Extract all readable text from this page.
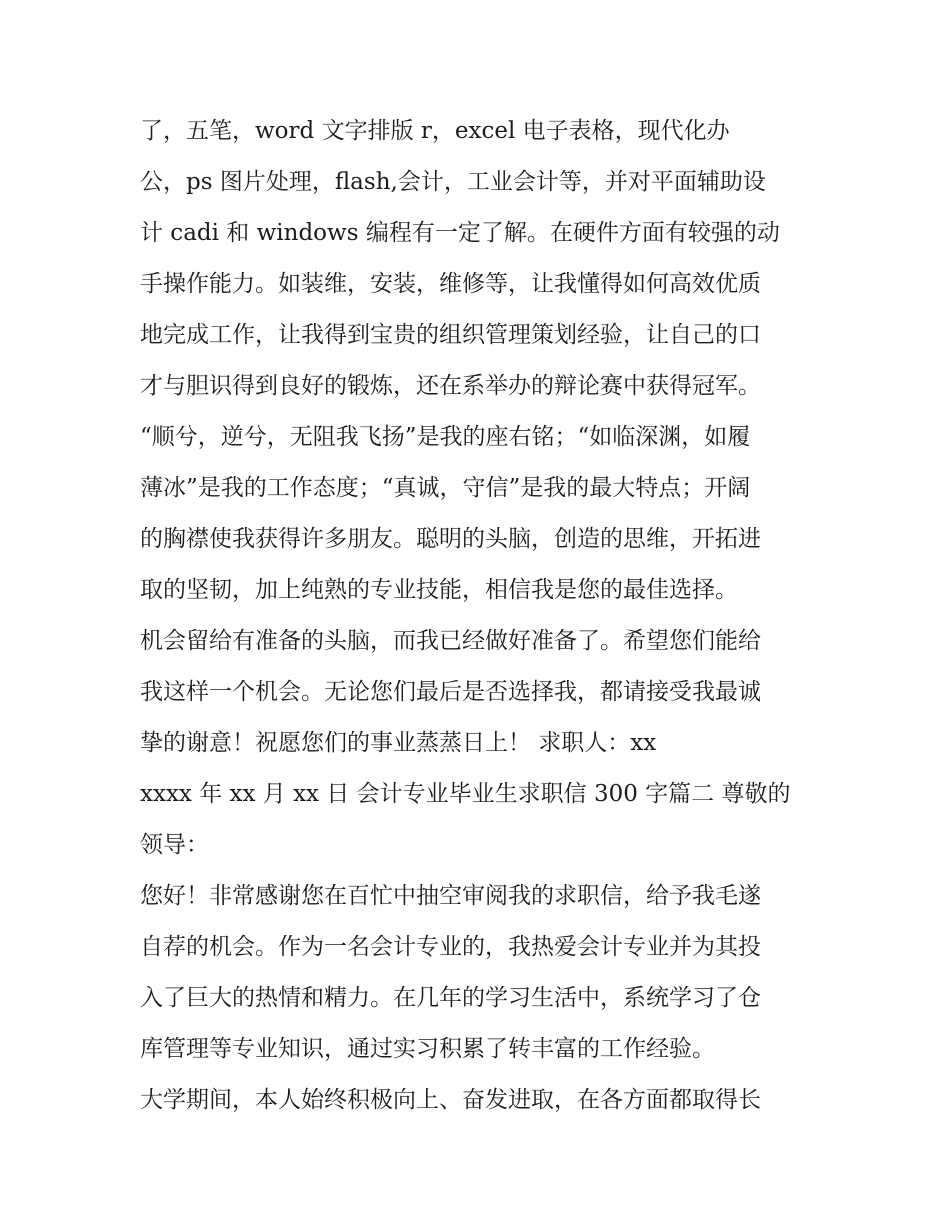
了，五笔，word 文字排版 r，excel 电子表格，现代化办
公，ps 图片处理，flash,会计，工业会计等，并对平面辅助设
计 cadi 和 windows 编程有一定了解。在硬件方面有较强的动
手操作能力。如装维，安装，维修等，让我懂得如何高效优质
地完成工作，让我得到宝贵的组织管理策划经验，让自己的口
才与胆识得到良好的锻炼，还在系举办的辩论赛中获得冠军。
“顺兮，逆兮，无阻我飞扬”是我的座右铭；“如临深渊，如履
薄冰”是我的工作态度；“真诚，守信”是我的最大特点；开阔
的胸襟使我获得许多朋友。聪明的头脑，创造的思维，开拓进
取的坚韧，加上纯熟的专业技能，相信我是您的最佳选择。
机会留给有准备的头脑，而我已经做好准备了。希望您们能给
我这样一个机会。无论您们最后是否选择我，都请接受我最诚
挚的谢意！祝愿您们的事业蒸蒸日上！ 求职人：xx
xxxx 年 xx 月 xx 日 会计专业毕业生求职信 300 字篇二 尊敬的
领导：
您好！非常感谢您在百忙中抽空审阅我的求职信，给予我毛遂
自荐的机会。作为一名会计专业的，我热爱会计专业并为其投
入了巨大的热情和精力。在几年的学习生活中，系统学习了仓
库管理等专业知识，通过实习积累了转丰富的工作经验。
大学期间，本人始终积极向上、奋发进取，在各方面都取得长
